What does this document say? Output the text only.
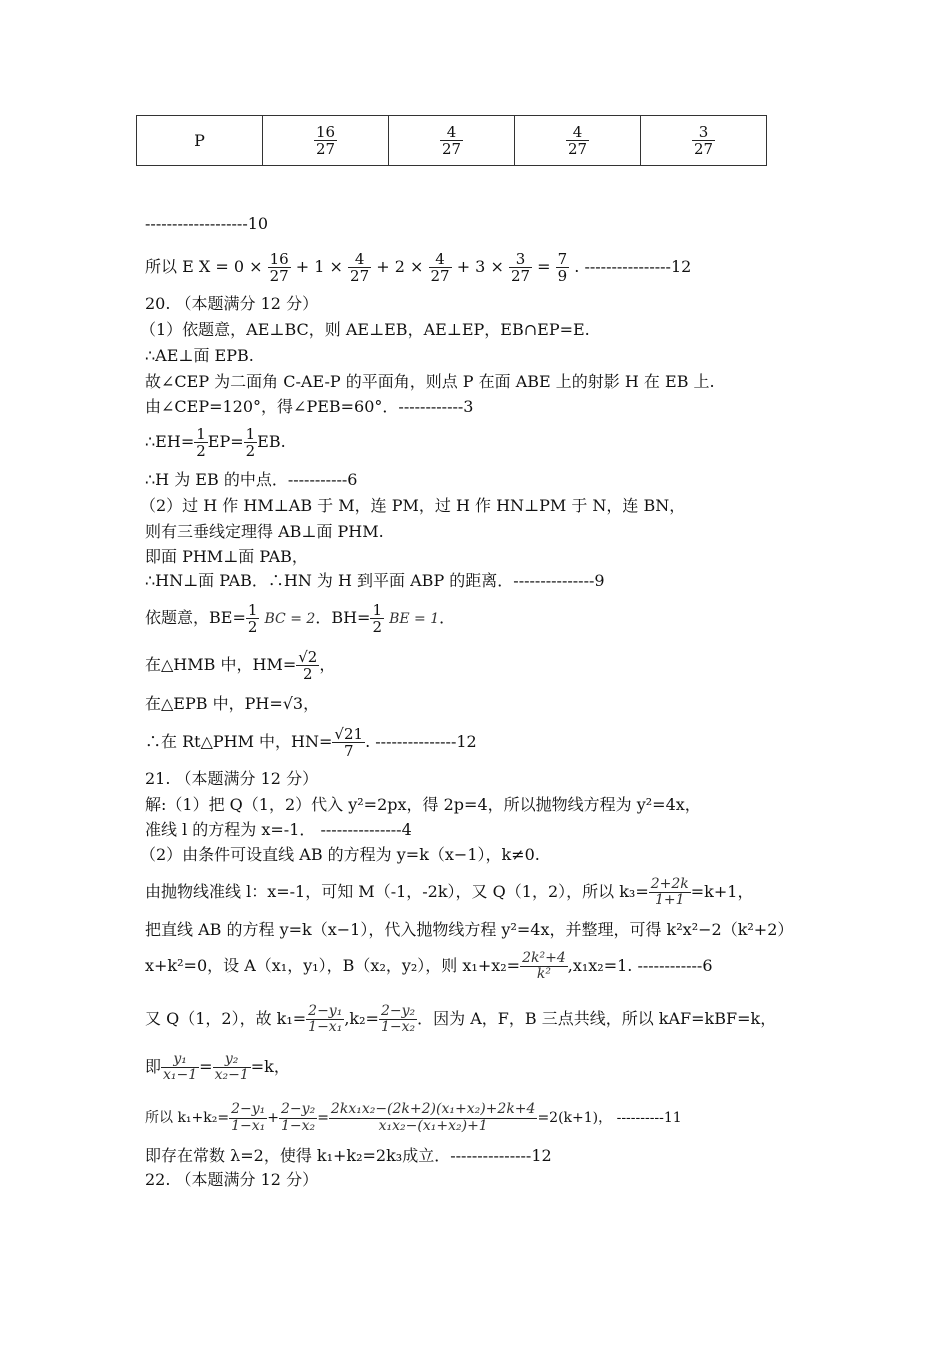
P	$\frac{16}{27}$	$\frac{4}{27}$	$\frac{4}{27}$	$\frac{3}{27}$
-------------------10
所以 E $X = 0 \times \frac{16}{27} + 1 \times \frac{4}{27} + 2 \times \frac{4}{27} + 3 \times \frac{3}{27} = \frac{7}{9}$ . ----------------12
20. （本题满分 12 分）
（1）依题意，AE⊥BC，则 AE⊥EB，AE⊥EP，EB∩EP=E.
∴AE⊥面 EPB.
故∠CEP 为二面角 C-AE-P 的平面角，则点 P 在面 ABE 上的射影 H 在 EB 上.
由∠CEP=120°，得∠PEB=60°．------------3
∴EH= $\frac{1}{2} EP= \frac{1}{2}$ EB.
∴H 为 EB 的中点．-----------6
（2）过 H 作 HM⊥AB 于 M，连 PM，过 H 作 HN⊥PM 于 N，连 BN，
则有三垂线定理得 AB⊥面 PHM.
即面 PHM⊥面 PAB，
∴HN⊥面 PAB．∴HN 为 H 到平面 ABP 的距离．---------------9
依题意，$BE= \frac{1}{2}$ BC = 2．$BH= \frac{1}{2}$ BE = 1．
在△HMB 中，$HM= \frac{√2}{2}$ ，
在△EPB 中，PH=√3，
∴在 Rt△PHM 中，$HN= \frac{√21}{7}$ . ---------------12
21. （本题满分 12 分）
解:（1）把 Q（1，2）代入 y²=2px，得 2p=4，所以抛物线方程为 y²=4x，
准线 l 的方程为 x=-1． ---------------4
（2）由条件可设直线 AB 的方程为 y=k（x−1），k≠0.
由抛物线准线 l：x=-1，可知 M（-1，-2k），又 Q（1，2），所以 $k_3= \frac{2+2k}{1+1} =k+1$，
把直线 AB 的方程 y=k（x−1），代入抛物线方程 y²=4x，并整理，可得 k²x²−2（k²+2）
x+k²=0，设 A（x₁，y₁），B（x₂，y₂），则 $x_1+x_2= \frac{\text{2k²+4}}{\text{k²}} ,x_1x_2=1$. ------------6
又 Q（1，2），故 $k_1= \frac{\text{2−y₁}}{\text{1−x₁}} ,k_2= \frac{\text{2−y₂}}{\text{1−x₂}}$ ．因为 A，F，B 三点共线，所以 kAF=kBF=k，
即 $\frac{\text{y₁}}{\text{x₁−1}} = \frac{\text{y₂}}{\text{x₂−1}} =k$，
所以 $k_1+k_2= \frac{\text{2−y₁}}{\text{1−x₁}} + \frac{\text{2−y₂}}{\text{1−x₂}} = \frac{\text{2kx₁x₂−(2k+2)(x₁+x₂)+2k+4}}{\text{x₁x₂−(x₁+x₂)+1}} =2(k+1)$， ----------11
即存在常数 λ=2，使得 k₁+k₂=2k₃成立．---------------12
22. （本题满分 12 分）
